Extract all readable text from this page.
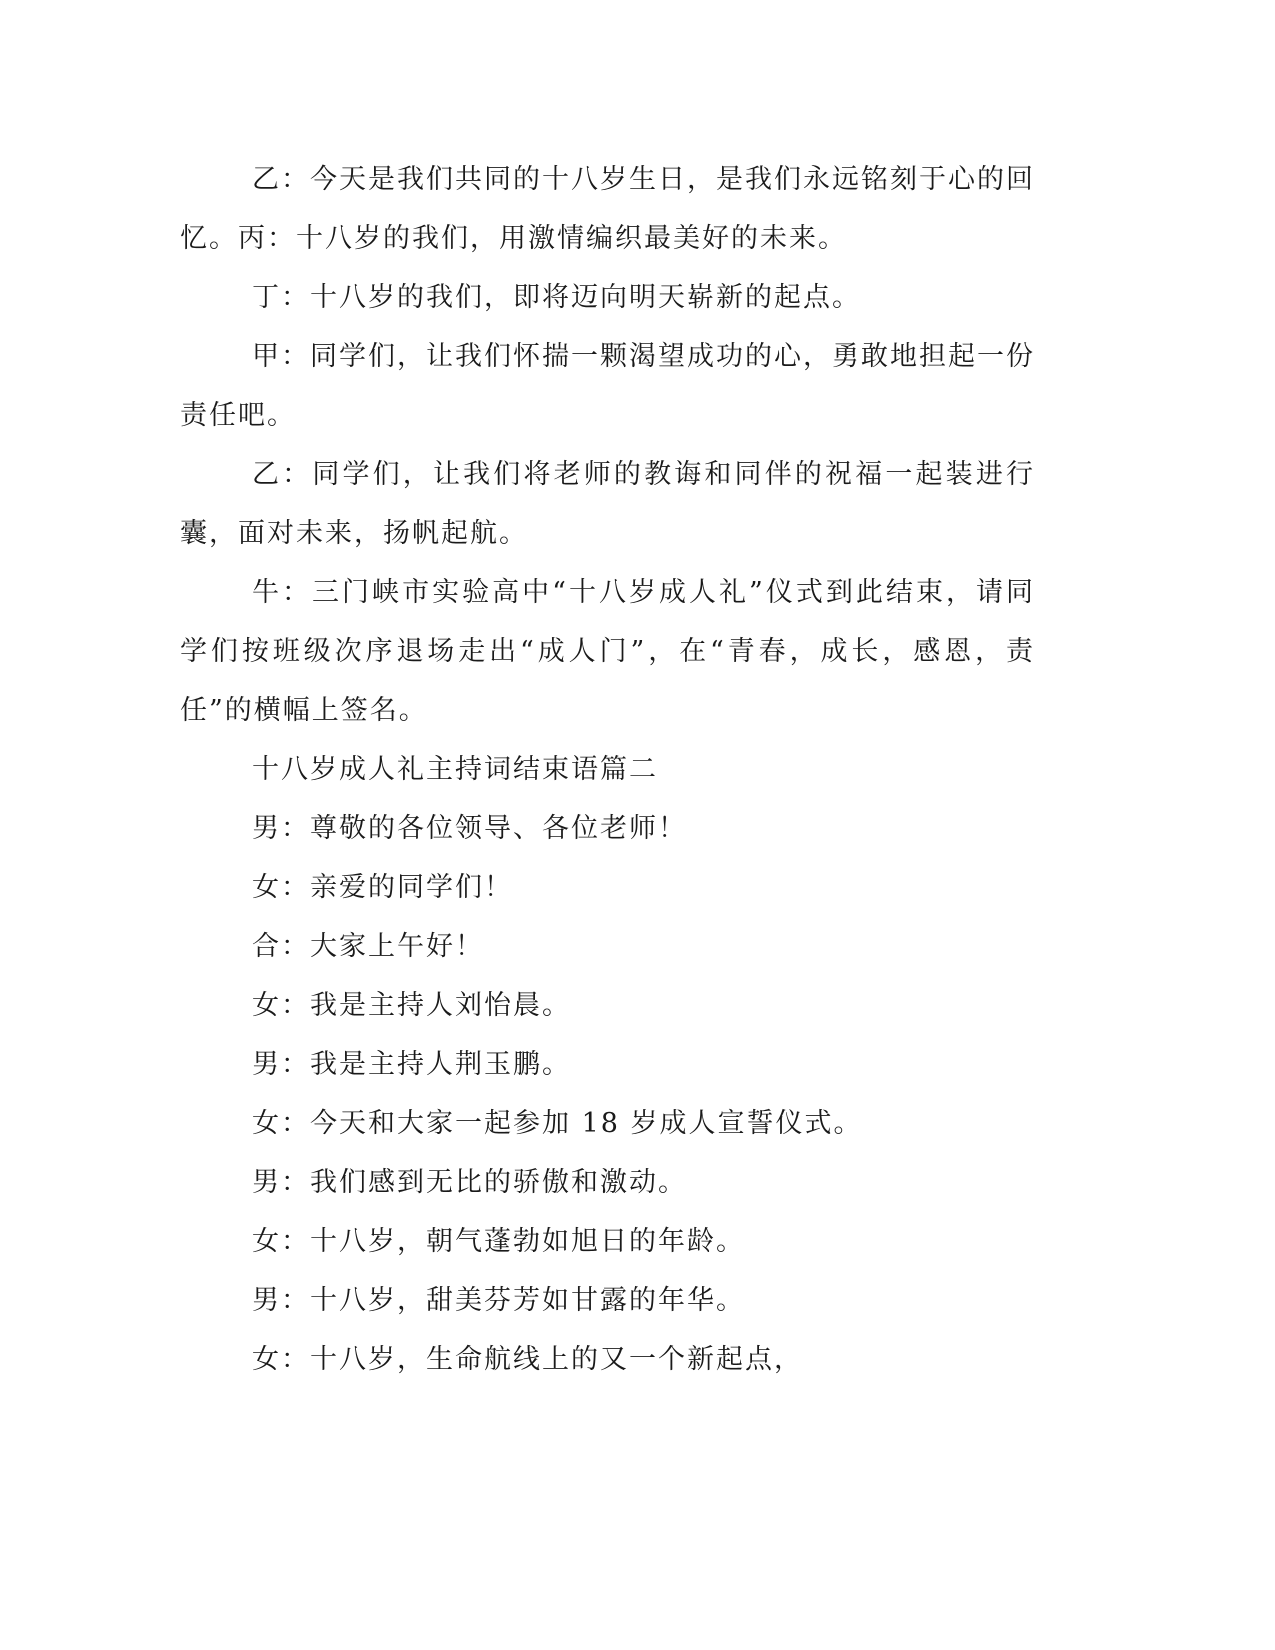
乙：今天是我们共同的十八岁生日，是我们永远铭刻于心的回忆。丙：十八岁的我们，用激情编织最美好的未来。

丁：十八岁的我们，即将迈向明天崭新的起点。

甲：同学们，让我们怀揣一颗渴望成功的心，勇敢地担起一份责任吧。

乙：同学们，让我们将老师的教诲和同伴的祝福一起装进行囊，面对未来，扬帆起航。

牛：三门峡市实验高中“十八岁成人礼”仪式到此结束，请同学们按班级次序退场走出“成人门”，在“青春，成长，感恩，责任”的横幅上签名。

十八岁成人礼主持词结束语篇二

男：尊敬的各位领导、各位老师！

女：亲爱的同学们！

合：大家上午好！

女：我是主持人刘怡晨。

男：我是主持人荆玉鹏。

女：今天和大家一起参加 18 岁成人宣誓仪式。

男：我们感到无比的骄傲和激动。

女：十八岁，朝气蓬勃如旭日的年龄。

男：十八岁，甜美芬芳如甘露的年华。

女：十八岁，生命航线上的又一个新起点，
